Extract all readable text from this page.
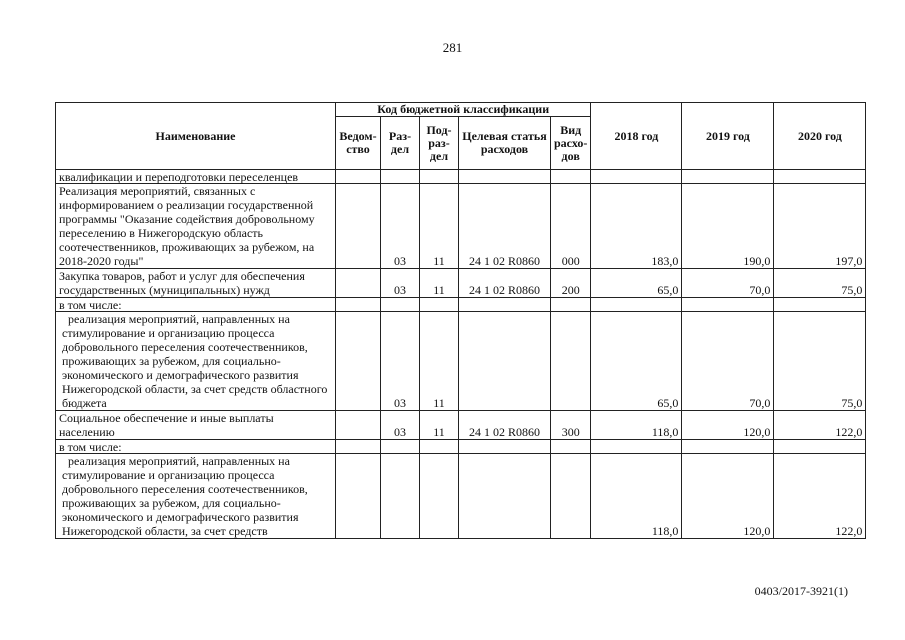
281
Наименование	Код бюджетной классификации					2018 год	2019 год	2020 год
	Ведом-ство	Раз-дел	Под-раз-дел	Целевая статья расходов	Вид расхо-дов			
квалификации и переподготовки переселенцев								
Реализация мероприятий, связанных с информированием о реализации государственной программы "Оказание содействия добровольному переселению в Нижегородскую область соотечественников, проживающих за рубежом, на 2018-2020 годы"		03	11	24 1 02 R0860	000	183,0	190,0	197,0
Закупка товаров, работ и услуг для обеспечения государственных (муниципальных) нужд		03	11	24 1 02 R0860	200	65,0	70,0	75,0
в том числе:								
реализация мероприятий, направленных на стимулирование и организацию процесса добровольного переселения соотечественников, проживающих за рубежом, для социально-экономического и демографического развития Нижегородской области, за счет средств областного бюджета		03	11			65,0	70,0	75,0
Социальное обеспечение и иные выплаты населению		03	11	24 1 02 R0860	300	118,0	120,0	122,0
в том числе:								
реализация мероприятий, направленных на стимулирование и организацию процесса добровольного переселения соотечественников, проживающих за рубежом, для социально-экономического и демографического развития Нижегородской области, за счет средств						118,0	120,0	122,0
0403/2017-3921(1)
